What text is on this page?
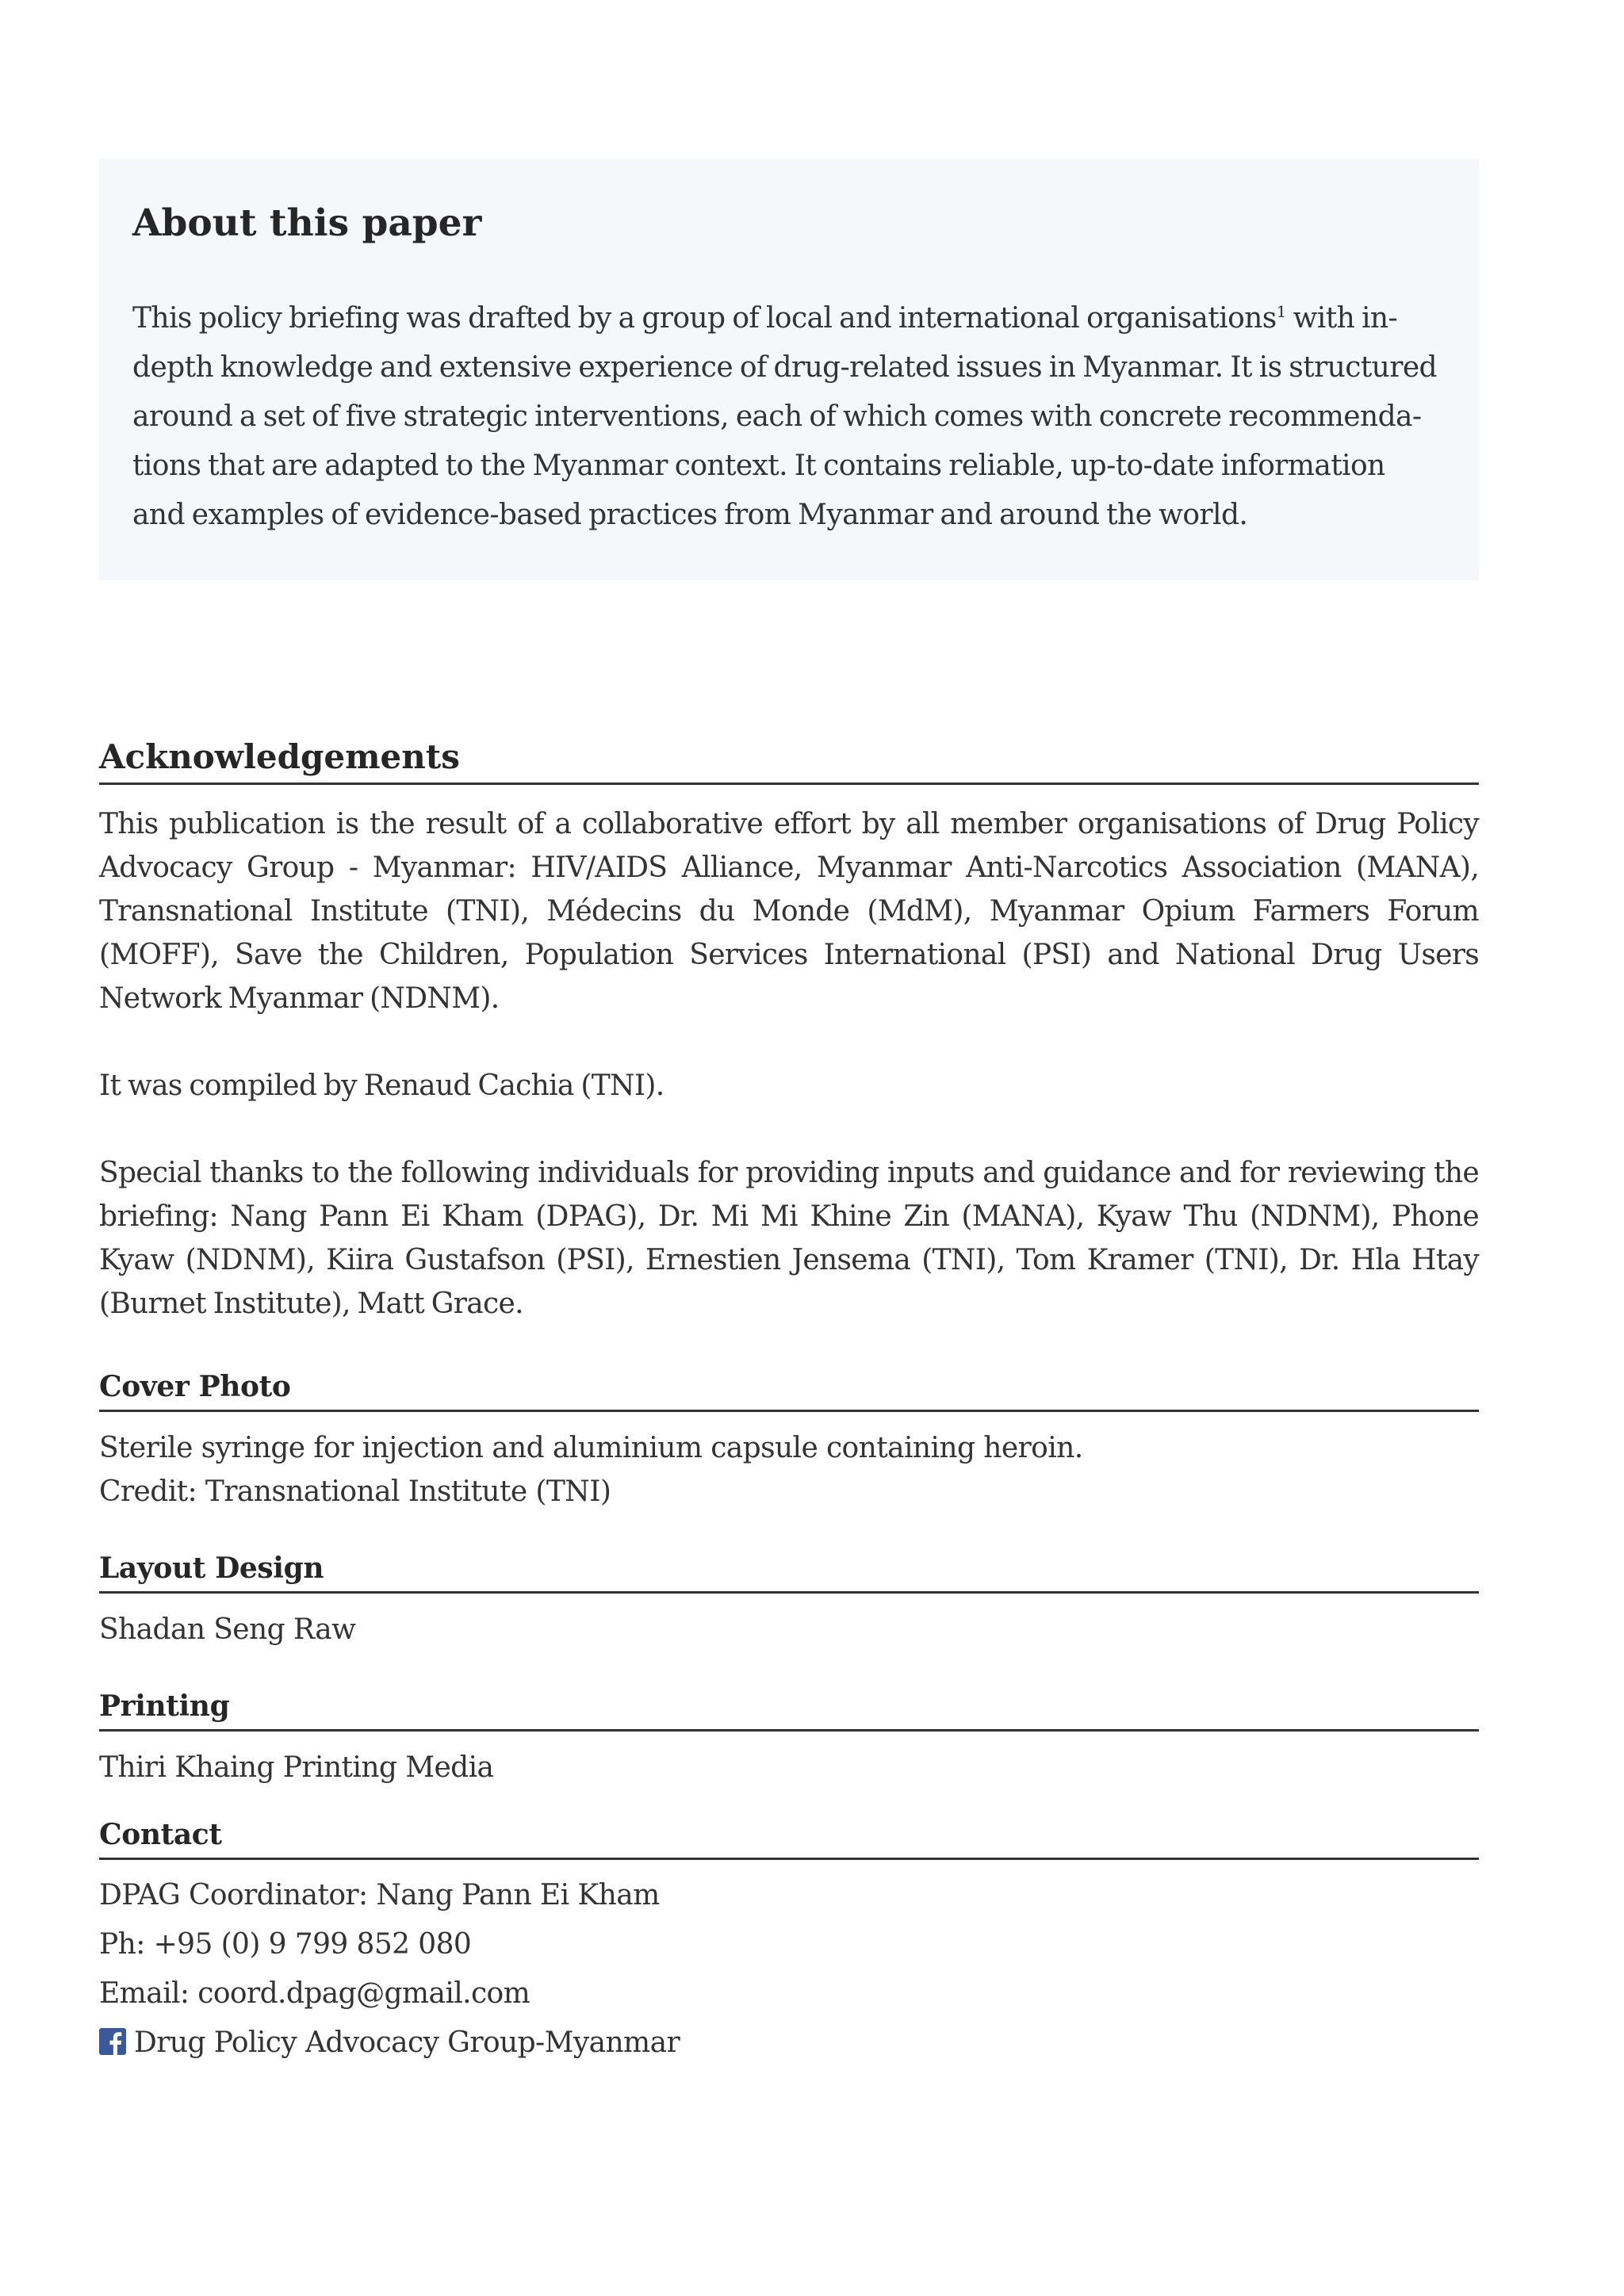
About this paper

This policy briefing was drafted by a group of local and international organisations$^1$ with in-
depth knowledge and extensive experience of drug-related issues in Myanmar. It is structured
around a set of five strategic interventions, each of which comes with concrete recommenda-
tions that are adapted to the Myanmar context. It contains reliable, up-to-date information
and examples of evidence-based practices from Myanmar and around the world.

Acknowledgements

This publication is the result of a collaborative effort by all member organisations of Drug Policy Advocacy Group - Myanmar: HIV/AIDS Alliance, Myanmar Anti-Narcotics Association (MANA), Transnational Institute (TNI), Médecins du Monde (MdM), Myanmar Opium Farmers Forum (MOFF), Save the Children, Population Services International (PSI) and National Drug Users Network Myanmar (NDNM).

It was compiled by Renaud Cachia (TNI).

Special thanks to the following individuals for providing inputs and guidance and for reviewing the briefing: Nang Pann Ei Kham (DPAG), Dr. Mi Mi Khine Zin (MANA), Kyaw Thu (NDNM), Phone Kyaw (NDNM), Kiira Gustafson (PSI), Ernestien Jensema (TNI), Tom Kramer (TNI), Dr. Hla Htay (Burnet Institute), Matt Grace.

Cover Photo

Sterile syringe for injection and aluminium capsule containing heroin.

Credit: Transnational Institute (TNI)

Layout Design

Shadan Seng Raw

Printing

Thiri Khaing Printing Media

Contact

DPAG Coordinator: Nang Pann Ei Kham

Ph: +95 (0) 9 799 852 080

Email: coord.dpag@gmail.com

Drug Policy Advocacy Group-Myanmar
